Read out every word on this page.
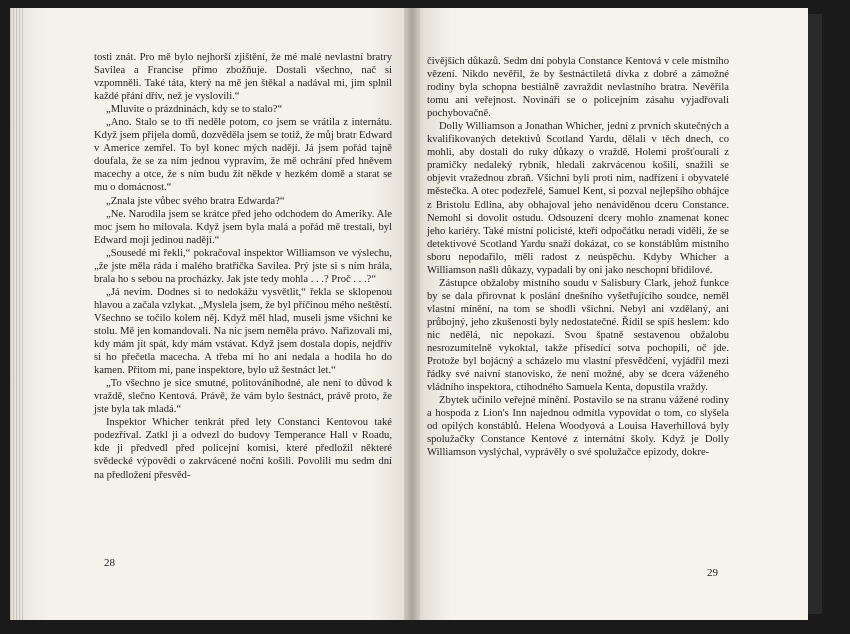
tosti znát. Pro mě bylo nejhorší zjištění, že mé malé nevlastní bratry Savilea a Francise přímo zbožňuje. Dostali všechno, nač si vzpomněli. Také táta, který na mě jen štěkal a nadával mi, jim splnil každé přání dřív, než je vyslovili.“

„Mluvite o prázdninách, kdy se to stalo?“

„Ano. Stalo se to tři neděle potom, co jsem se vrátila z internátu. Když jsem přijela domů, dozvěděla jsem se totiž, že můj bratr Edward v Americe zemřel. To byl konec mých nadějí. Já jsem pořád tajně doufala, že se za ním jednou vypravím, že mě ochrání před hněvem macechy a otce, že s ním budu žít někde v hezkém domě a starat se mu o domácnost.“

„Znala jste vůbec svého bratra Edwarda?“

„Ne. Narodila jsem se krátce před jeho odchodem do Ameriky. Ale moc jsem ho milovala. Když jsem byla malá a pořád mě trestali, byl Edward moji jedinou nadějí.“

„Sousedé mi řekli,“ pokračoval inspektor Williamson ve výslechu, „že jste měla ráda i malého bratříčka Savilea. Prý jste si s ním hrála, brala ho s sebou na procházky. Jak jste tedy mohla . . .? Proč . . .?“

„Já nevím. Dodnes si to nedokážu vysvětlit,“ řekla se sklopenou hlavou a začala vzlykat. „Myslela jsem, že byl příčinou mého neštěstí. Všechno se točilo kolem něj. Když měl hlad, museli jsme všichni ke stolu. Mě jen komandovali. Na nic jsem neměla právo. Nařizovali mi, kdy mám jít spát, kdy mám vstávat. Když jsem dostala dopis, nejdřív si ho přečetla macecha. A třeba mi ho ani nedala a hodila ho do kamen. Přitom mi, pane inspektore, bylo už šestnáct let.“

„To všechno je sice smutné, politováníhodné, ale není to důvod k vraždě, slečno Kentová. Právě, že vám bylo šestnáct, právě proto, že jste byla tak mladá.“

Inspektor Whicher tenkrát před lety Constanci Kentovou také podezříval. Zatkl ji a odvezl do budovy Temperance Hall v Roadu, kde ji předvedl před policejní komisi, které předložil některé svědecké výpovědi o zakrvácené noční košili. Povolili mu sedm dní na předložení přesvěd-

28

čivějších důkazů. Sedm dní pobyla Constance Kentová v cele místního vězení. Nikdo nevěřil, že by šestnáctiletá dívka z dobré a zámožné rodiny byla schopna bestiálně zavraždit nevlastního bratra. Nevěřila tomu ani veřejnost. Novináři se o policejním zásahu vyjadřovali pochybovačně.

Dolly Williamson a Jonathan Whicher, jední z prvních skutečných a kvalifikovaných detektivů Scotland Yardu, dělali v těch dnech, co mohli, aby dostali do ruky důkazy o vraždě. Holemi prošťourali z pramičky nedaleký rybník, hledali zakrvácenou košili, snažili se objevit vražednou zbraň. Všichni byli proti nim, nadřízení i obyvatelé městečka. A otec podezřelé, Samuel Kent, si pozval nejlepšího obhájce z Bristolu Edlina, aby obhajoval jeho nenáviděnou dceru Constance. Nemohl si dovolit ostudu. Odsouzení dcery mohlo znamenat konec jeho kariéry. Také místní policisté, kteří odpočátku neradi viděli, že se detektivové Scotland Yardu snaží dokázat, co se konstáblům místního sboru nepodařilo, měli radost z neúspěchu. Kdyby Whicher a Williamson našli důkazy, vypadali by oni jako neschopní břídilové.

Zástupce obžaloby místního soudu v Salisbury Clark, jehož funkce by se dala přirovnat k poslání dnešního vyšetřujícího soudce, neměl vlastní mínění, na tom se shodli všichni. Nebyl ani vzdělaný, ani průbojný, jeho zkušenosti byly nedostatečné. Řídil se spíš heslem: kdo nic nedělá, nic nepokazí. Svou špatně sestavenou obžalobu nesrozumitelně vykoktal, takže přísedící sotva pochopili, oč jde. Protože byl bojácný a scházelo mu vlastní přesvědčení, vyjádřil mezi řádky své naivní stanovisko, že není možné, aby se dcera váženého vládního inspektora, ctihodného Samuela Kenta, dopustila vraždy.

Zbytek učinilo veřejné mínění. Postavilo se na stranu vážené rodiny a hospoda z Lion's Inn najednou odmítla vypovídat o tom, co slyšela od opilých konstáblů. Helena Woodyová a Louisa Haverhillová byly spolužačky Constance Kentové z internátní školy. Když je Dolly Williamson vyslýchal, vyprávěly o své spolužačce epizody, dokre-

29
